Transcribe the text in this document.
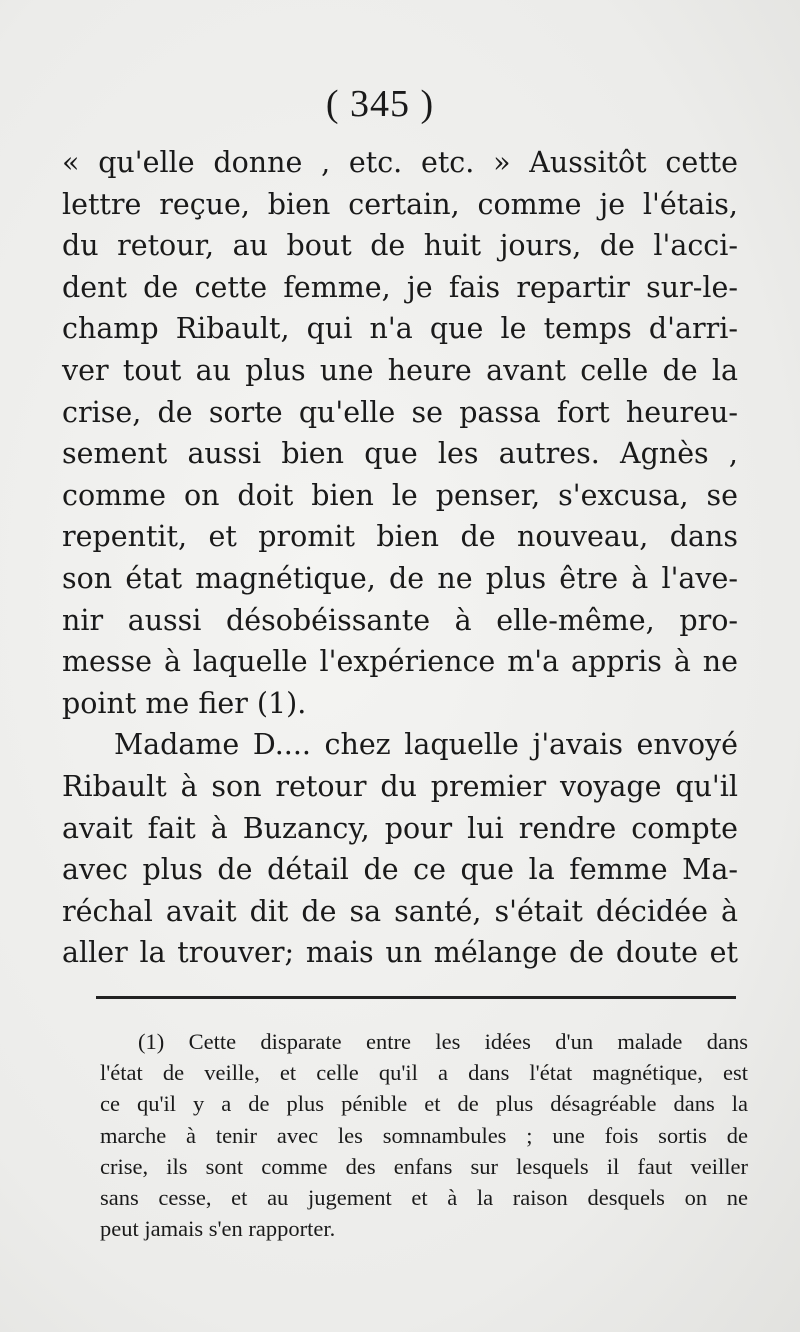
( 345 )
« qu'elle donne , etc. etc. » Aussitôt cette
lettre reçue, bien certain, comme je l'étais,
du retour, au bout de huit jours, de l'acci-
dent de cette femme, je fais repartir sur-le-
champ Ribault, qui n'a que le temps d'arri-
ver tout au plus une heure avant celle de la
crise, de sorte qu'elle se passa fort heureu-
sement aussi bien que les autres. Agnès ,
comme on doit bien le penser, s'excusa, se
repentit, et promit bien de nouveau, dans
son état magnétique, de ne plus être à l'ave-
nir aussi désobéissante à elle-même, pro-
messe à laquelle l'expérience m'a appris à ne
point me fier (1).
Madame D.... chez laquelle j'avais envoyé
Ribault à son retour du premier voyage qu'il
avait fait à Buzancy, pour lui rendre compte
avec plus de détail de ce que la femme Ma-
réchal avait dit de sa santé, s'était décidée à
aller la trouver; mais un mélange de doute et
(1) Cette disparate entre les idées d'un malade dans
l'état de veille, et celle qu'il a dans l'état magnétique, est
ce qu'il y a de plus pénible et de plus désagréable dans la
marche à tenir avec les somnambules ; une fois sortis de
crise, ils sont comme des enfans sur lesquels il faut veiller
sans cesse, et au jugement et à la raison desquels on ne
peut jamais s'en rapporter.
